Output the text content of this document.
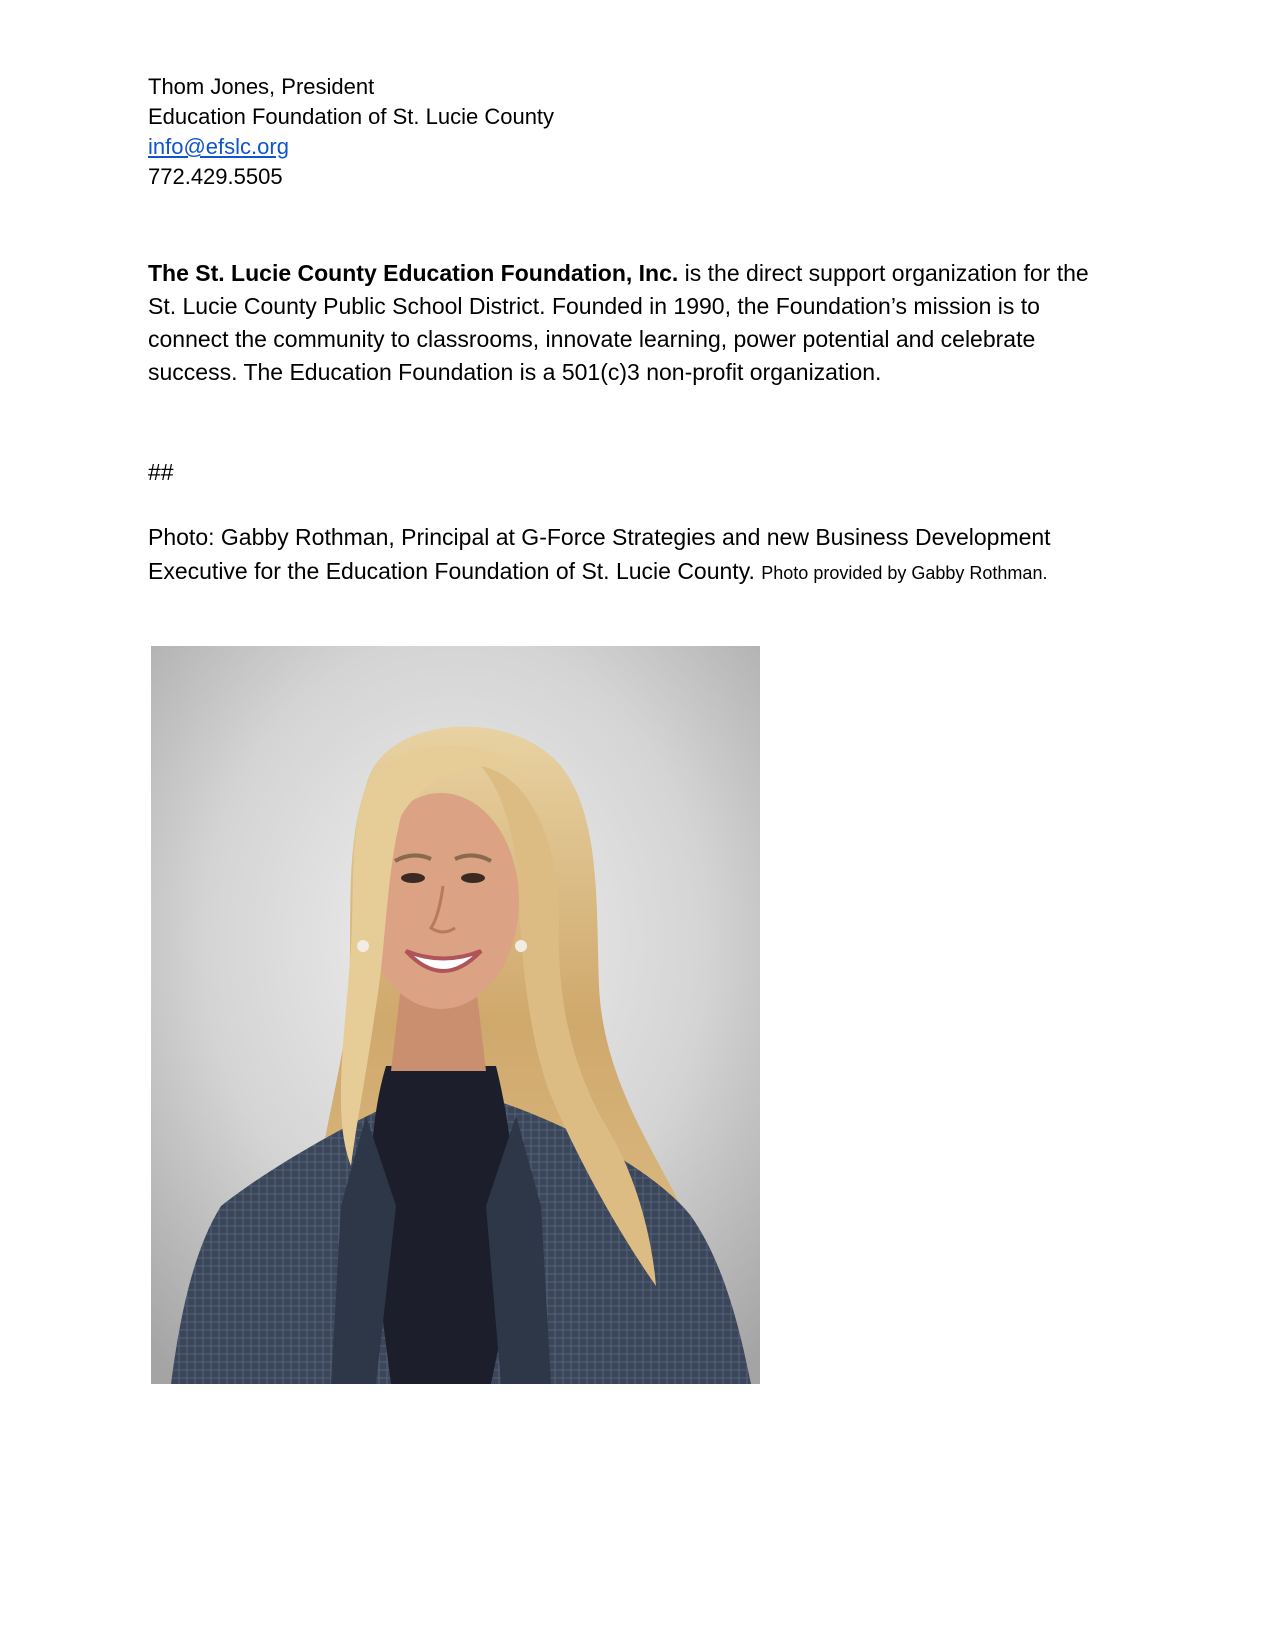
Thom Jones, President
Education Foundation of St. Lucie County
info@efslc.org
772.429.5505
The St. Lucie County Education Foundation, Inc. is the direct support organization for the St. Lucie County Public School District. Founded in 1990, the Foundation’s mission is to connect the community to classrooms, innovate learning, power potential and celebrate success. The Education Foundation is a 501(c)3 non-profit organization.
##
Photo: Gabby Rothman, Principal at G-Force Strategies and new Business Development Executive for the Education Foundation of St. Lucie County. Photo provided by Gabby Rothman.
